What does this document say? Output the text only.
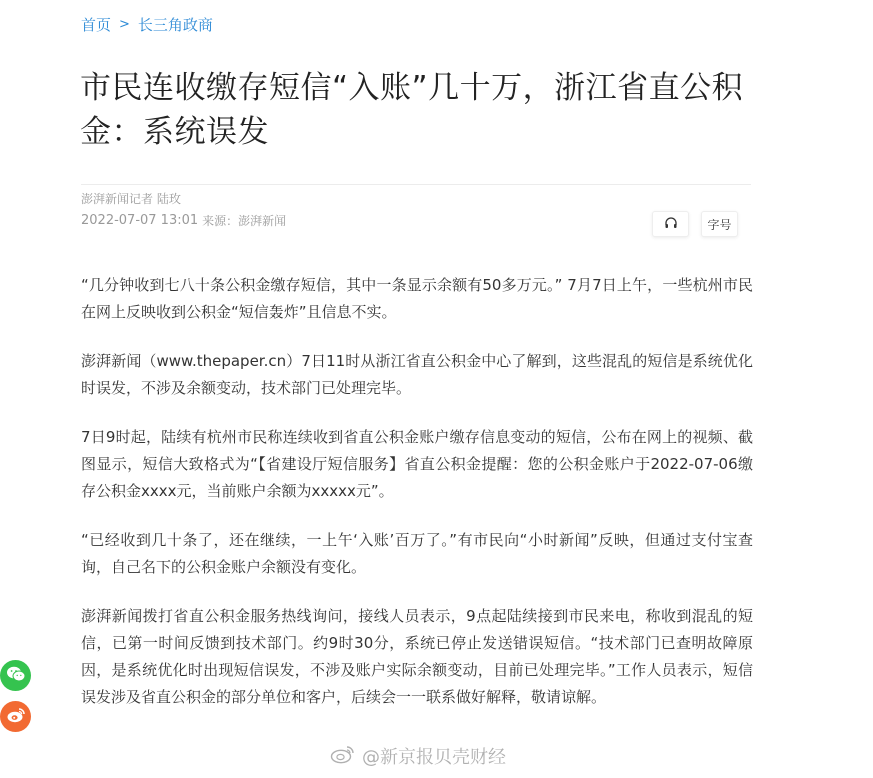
首页 > 长三角政商
市民连收缴存短信“入账”几十万，浙江省直公积金：系统误发
澎湃新闻记者 陆玫
2022-07-07 13:01 来源：澎湃新闻	字号

“几分钟收到七八十条公积金缴存短信，其中一条显示余额有50多万元。” 7月7日上午，一些杭州市民在网上反映收到公积金“短信轰炸”且信息不实。

澎湃新闻（www.thepaper.cn）7日11时从浙江省直公积金中心了解到，这些混乱的短信是系统优化时误发，不涉及余额变动，技术部门已处理完毕。

7日9时起，陆续有杭州市民称连续收到省直公积金账户缴存信息变动的短信，公布在网上的视频、截图显示，短信大致格式为“【省建设厅短信服务】省直公积金提醒：您的公积金账户于2022-07-06缴存公积金xxxx元，当前账户余额为xxxxx元”。

“已经收到几十条了，还在继续，一上午‘入账’百万了。”有市民向“小时新闻”反映，但通过支付宝查询，自己名下的公积金账户余额没有变化。

澎湃新闻拨打省直公积金服务热线询问，接线人员表示，9点起陆续接到市民来电，称收到混乱的短信，已第一时间反馈到技术部门。约9时30分，系统已停止发送错误短信。“技术部门已查明故障原因，是系统优化时出现短信误发，不涉及账户实际余额变动，目前已处理完毕。”工作人员表示，短信误发涉及省直公积金的部分单位和客户，后续会一一联系做好解释，敬请谅解。

@新京报贝壳财经
